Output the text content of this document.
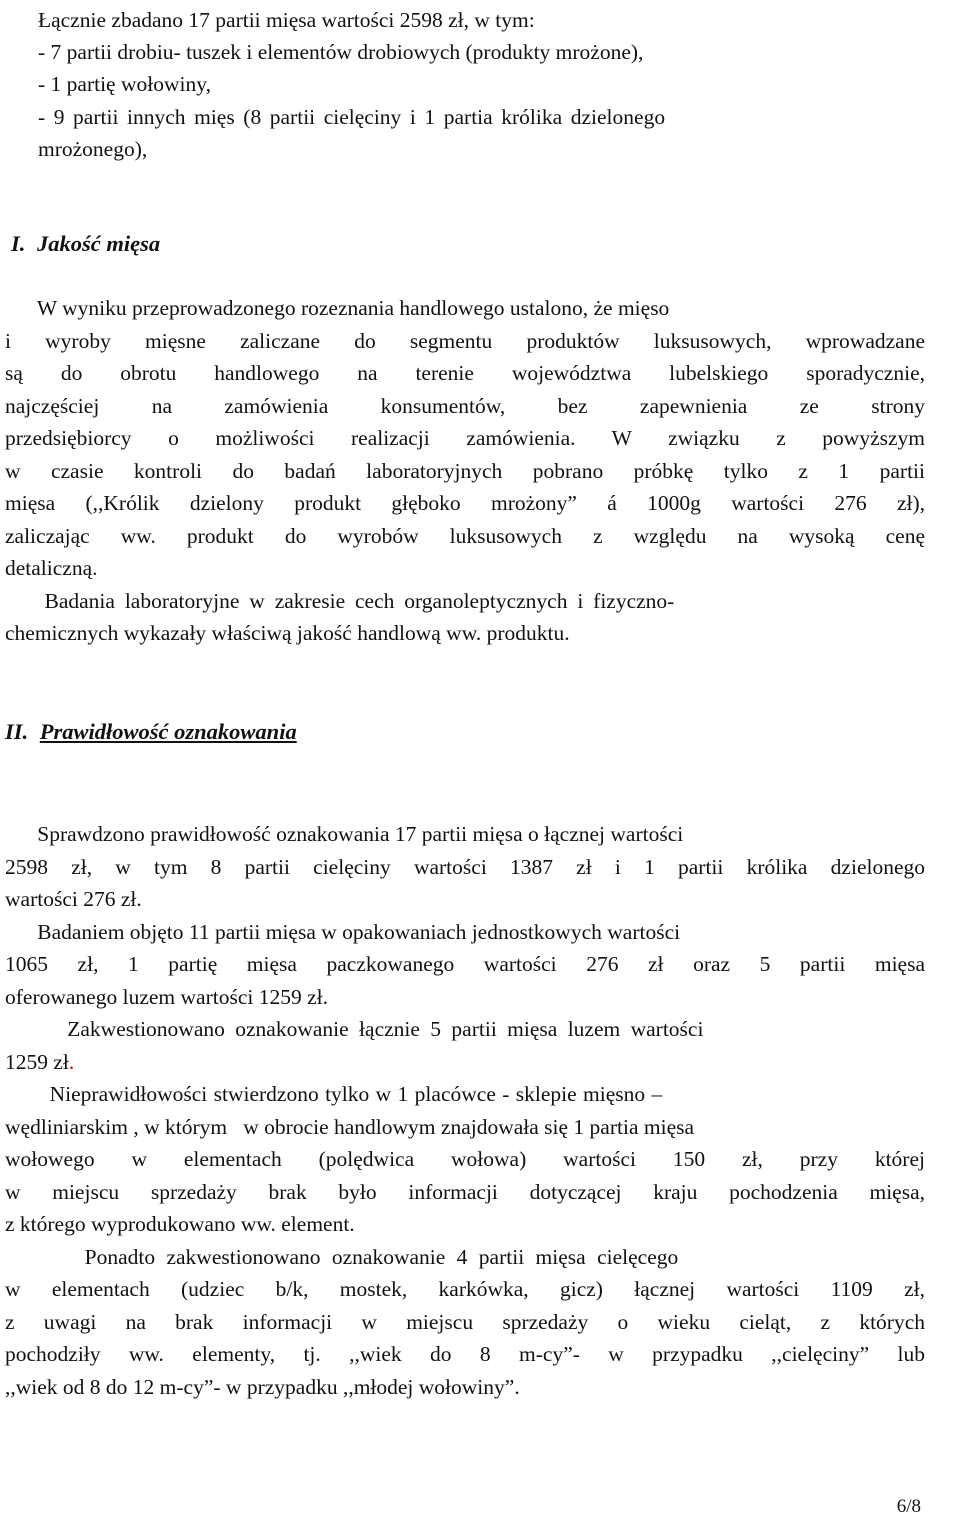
Łącznie zbadano 17 partii mięsa wartości 2598 zł, w tym:
- 7 partii drobiu- tuszek i elementów drobiowych (produkty mrożone),
- 1 partię wołowiny,
- 9 partii innych mięs (8 partii cielęciny i 1 partia królika dzielonego
mrożonego),
I. Jakość mięsa
W wyniku przeprowadzonego rozeznania handlowego ustalono, że mięso
i wyroby mięsne zaliczane do segmentu produktów luksusowych, wprowadzane
są do obrotu handlowego na terenie województwa lubelskiego sporadycznie,
najczęściej na zamówienia konsumentów, bez zapewnienia ze strony
przedsiębiorcy o możliwości realizacji zamówienia. W związku z powyższym
w czasie kontroli do badań laboratoryjnych pobrano próbkę tylko z 1 partii
mięsa (,,Królik dzielony produkt głęboko mrożony” á 1000g wartości 276 zł),
zaliczając ww. produkt do wyrobów luksusowych z względu na wysoką cenę
detaliczną.
Badania laboratoryjne w zakresie cech organoleptycznych i fizyczno-
chemicznych wykazały właściwą jakość handlową ww. produktu.
II. Prawidłowość oznakowania
Sprawdzono prawidłowość oznakowania 17 partii mięsa o łącznej wartości
2598 zł, w tym 8 partii cielęciny wartości 1387 zł i 1 partii królika dzielonego
wartości 276 zł.
Badaniem objęto 11 partii mięsa w opakowaniach jednostkowych wartości
1065 zł, 1 partię mięsa paczkowanego wartości 276 zł oraz 5 partii mięsa
oferowanego luzem wartości 1259 zł.
Zakwestionowano oznakowanie łącznie 5 partii mięsa luzem wartości
1259 zł.
Nieprawidłowości stwierdzono tylko w 1 placówce - sklepie mięsno –
wędliniarskim , w którym   w obrocie handlowym znajdowała się 1 partia mięsa
wołowego w elementach (polędwica wołowa) wartości 150 zł, przy której
w miejscu sprzedaży brak było informacji dotyczącej kraju pochodzenia mięsa,
z którego wyprodukowano ww. element.
Ponadto zakwestionowano oznakowanie 4 partii mięsa cielęcego
w elementach (udziec b/k, mostek, karkówka, gicz) łącznej wartości 1109 zł,
z uwagi na brak informacji w miejscu sprzedaży o wieku cieląt, z których
pochodziły ww. elementy, tj. ,,wiek do 8 m-cy”- w przypadku ,,cielęciny” lub
,,wiek od 8 do 12 m-cy”- w przypadku ,,młodej wołowiny”.
6/8
